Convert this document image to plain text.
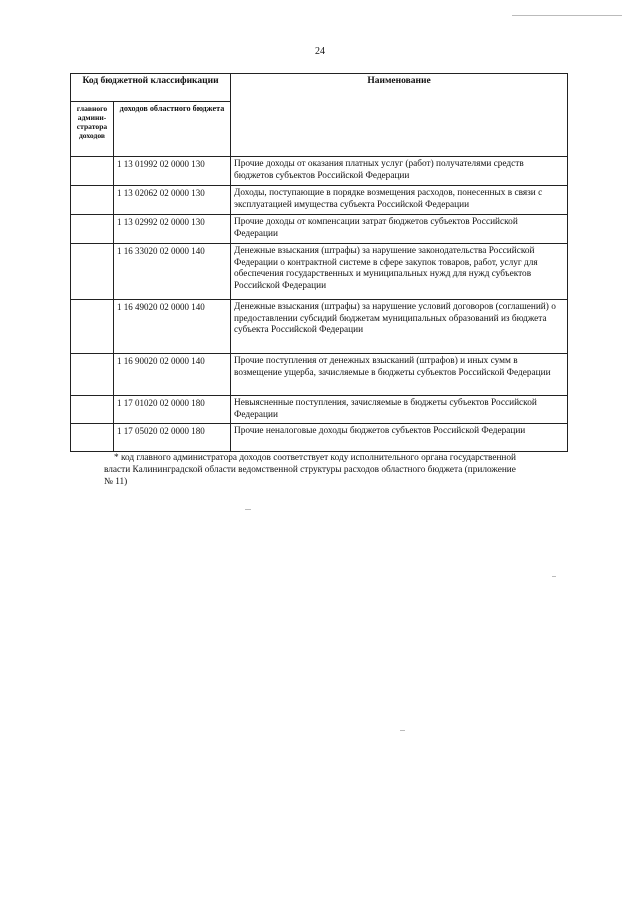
24
Код бюджетной классификации		Наименование
главного админи-стратора доходов	доходов областного бюджета	
	1 13 01992 02 0000 130	Прочие доходы от оказания платных услуг (работ) получателями средств бюджетов субъектов Российской Федерации
	1 13 02062 02 0000 130	Доходы, поступающие в порядке возмещения расходов, понесенных в связи с эксплуатацией имущества субъекта Российской Федерации
	1 13 02992 02 0000 130	Прочие доходы от компенсации затрат бюджетов субъектов Российской Федерации
	1 16 33020 02 0000 140	Денежные взыскания (штрафы) за нарушение законодательства Российской Федерации о контрактной системе в сфере закупок товаров, работ, услуг для обеспечения государственных и муниципальных нужд для нужд субъектов Российской Федерации
	1 16 49020 02 0000 140	Денежные взыскания (штрафы) за нарушение условий договоров (соглашений) о предоставлении субсидий бюджетам муниципальных образований из бюджета субъекта Российской Федерации
	1 16 90020 02 0000 140	Прочие поступления от денежных взысканий (штрафов) и иных сумм в возмещение ущерба, зачисляемые в бюджеты субъектов Российской Федерации
	1 17 01020 02 0000 180	Невыясненные поступления, зачисляемые в бюджеты субъектов Российской Федерации
	1 17 05020 02 0000 180	Прочие неналоговые доходы бюджетов субъектов Российской Федерации
* код главного администратора доходов соответствует коду исполнительного органа государственной власти Калининградской области ведомственной структуры расходов областного бюджета (приложение № 11)
